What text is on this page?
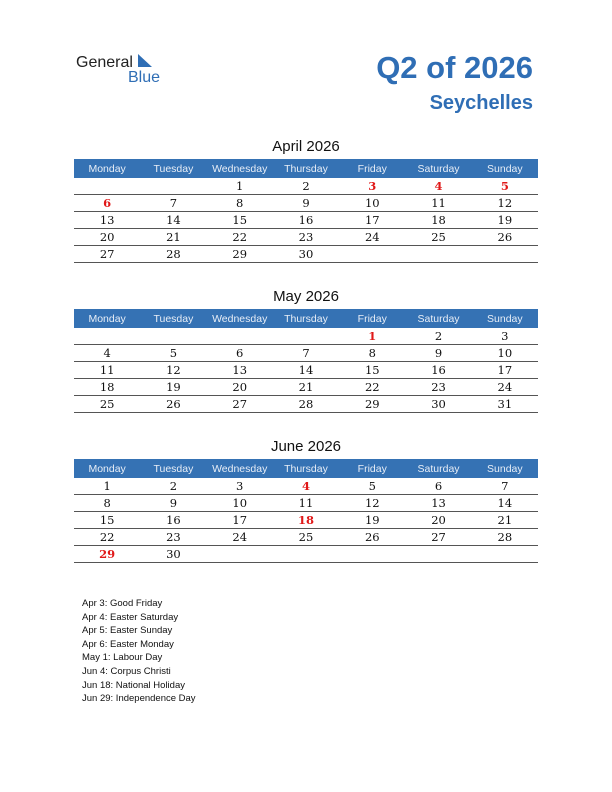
General
Blue	Q2 of 2026
Seychelles
April 2026
Monday	Tuesday	Wednesday	Thursday	Friday	Saturday	Sunday
		1	2	3	4	5
6	7	8	9	10	11	12
13	14	15	16	17	18	19
20	21	22	23	24	25	26
27	28	29	30			
May 2026
Monday	Tuesday	Wednesday	Thursday	Friday	Saturday	Sunday
				1	2	3
4	5	6	7	8	9	10
11	12	13	14	15	16	17
18	19	20	21	22	23	24
25	26	27	28	29	30	31
June 2026
Monday	Tuesday	Wednesday	Thursday	Friday	Saturday	Sunday
1	2	3	4	5	6	7
8	9	10	11	12	13	14
15	16	17	18	19	20	21
22	23	24	25	26	27	28
29	30					
Apr 3: Good Friday
Apr 4: Easter Saturday
Apr 5: Easter Sunday
Apr 6: Easter Monday
May 1: Labour Day
Jun 4: Corpus Christi
Jun 18: National Holiday
Jun 29: Independence Day
